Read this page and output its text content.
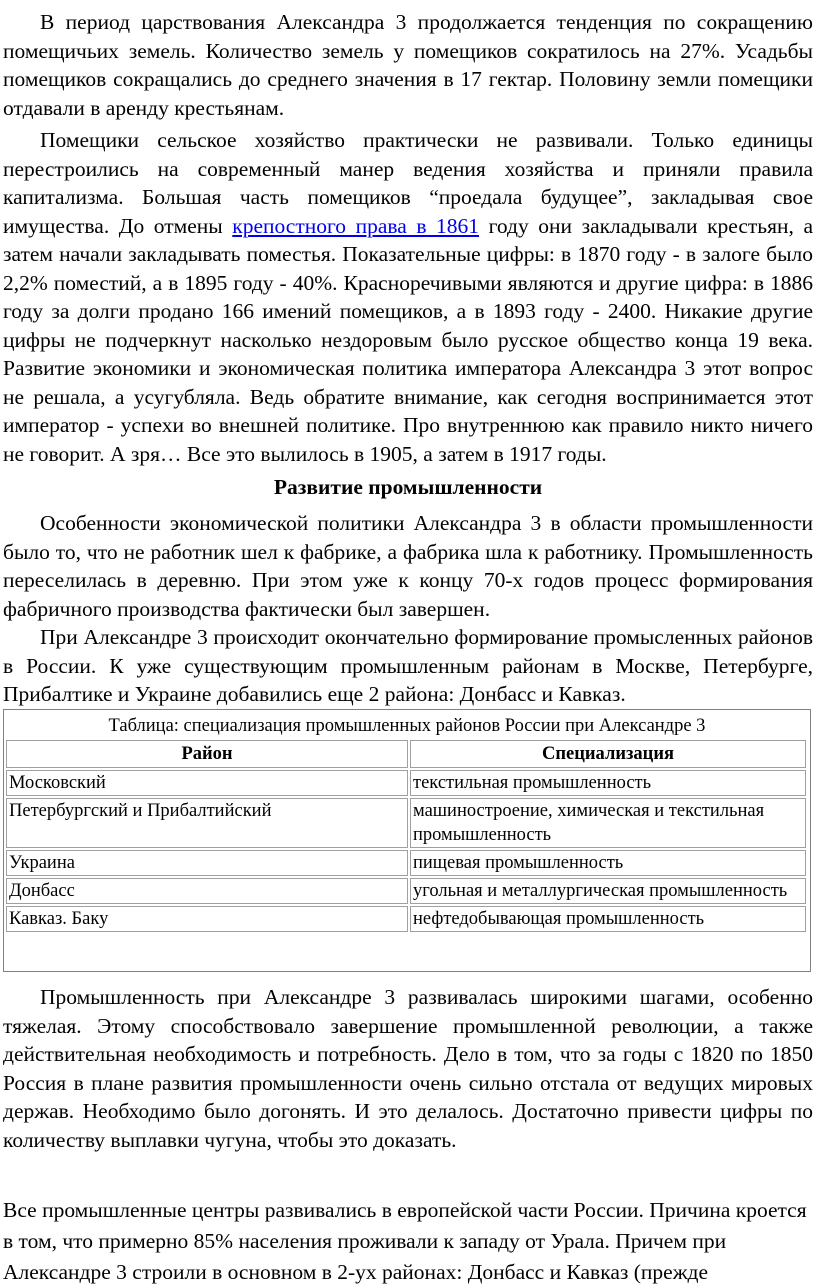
В период царствования Александра 3 продолжается тенденция по сокращению помещичьих земель. Количество земель у помещиков сократилось на 27%. Усадьбы помещиков сокращались до среднего значения в 17 гектар. Половину земли помещики отдавали в аренду крестьянам.

Помещики сельское хозяйство практически не развивали. Только единицы перестроились на современный манер ведения хозяйства и приняли правила капитализма. Большая часть помещиков “проедала будущее”, закладывая свое имущества. До отмены крепостного права в 1861 году они закладывали крестьян, а затем начали закладывать поместья. Показательные цифры: в 1870 году - в залоге было 2,2% поместий, а в 1895 году - 40%. Красноречивыми являются и другие цифра: в 1886 году за долги продано 166 имений помещиков, а в 1893 году - 2400. Никакие другие цифры не подчеркнут насколько нездоровым было русское общество конца 19 века. Развитие экономики и экономическая политика императора Александра 3 этот вопрос не решала, а усугубляла. Ведь обратите внимание, как сегодня воспринимается этот император - успехи во внешней политике. Про внутреннюю как правило никто ничего не говорит. А зря… Все это вылилось в 1905, а затем в 1917 годы.

Развитие промышленности

Особенности экономической политики Александра 3 в области промышленности было то, что не работник шел к фабрике, а фабрика шла к работнику. Промышленность переселилась в деревню. При этом уже к концу 70-х годов процесс формирования фабричного производства фактически был завершен.

При Александре 3 происходит окончательно формирование промысленных районов в России. К уже существующим промышленным районам в Москве, Петербурге, Прибалтике и Украине добавились еще 2 района: Донбасс и Кавказ.

Таблица: специализация промышленных районов России при Александре 3
Район	Специализация
Московский	текстильная промышленность
Петербургский и Прибалтийский	машиностроение, химическая и текстильная промышленность
Украина	пищевая промышленность
Донбасс	угольная и металлургическая промышленность
Кавказ. Баку	нефтедобывающая промышленность

Промышленность при Александре 3 развивалась широкими шагами, особенно тяжелая. Этому способствовало завершение промышленной революции, а также действительная необходимость и потребность. Дело в том, что за годы с 1820 по 1850 Россия в плане развития промышленности очень сильно отстала от ведущих мировых держав. Необходимо было догонять. И это делалось. Достаточно привести цифры по количеству выплавки чугуна, чтобы это доказать.

Все промышленные центры развивались в европейской части России. Причина кроется в том, что примерно 85% населения проживали к западу от Урала. Причем при Александре 3 строили в основном в 2-ух районах: Донбасс и Кавказ (прежде
